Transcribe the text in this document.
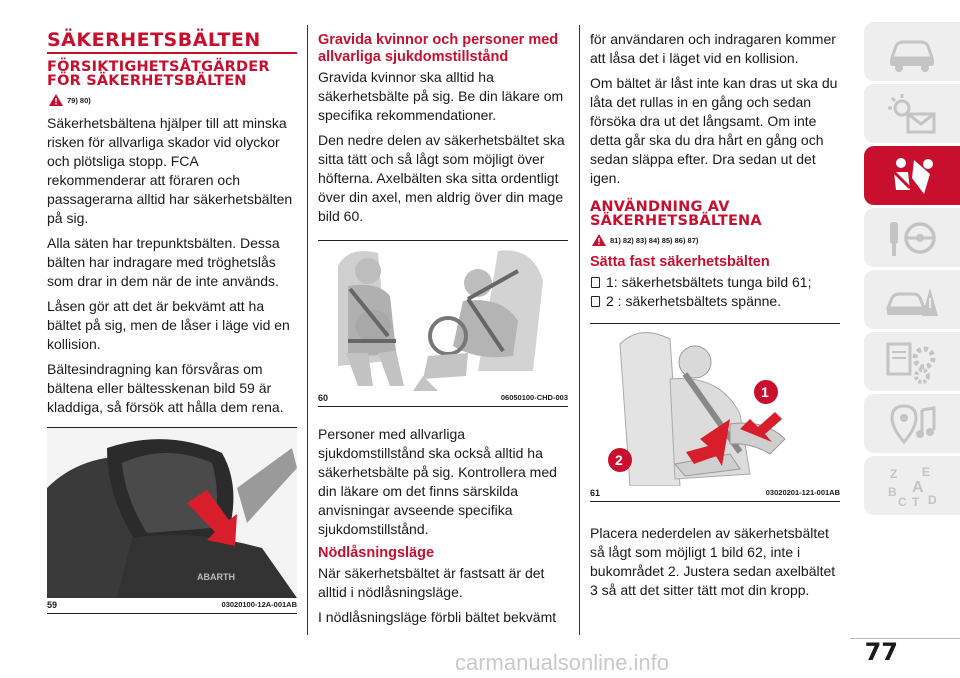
SÄKERHETSBÄLTEN
FÖRSIKTIGHETSÅTGÄRDER FÖR SÄKERHETSBÄLTEN
79) 80)

Säkerhetsbältena hjälper till att minska risken för allvarliga skador vid olyckor och plötsliga stopp. FCA rekommenderar att föraren och passagerarna alltid har säkerhetsbälten på sig.

Alla säten har trepunktsbälten. Dessa bälten har indragare med tröghetslås som drar in dem när de inte används.

Låsen gör att det är bekvämt att ha bältet på sig, men de låser i läge vid en kollision.

Bältesindragning kan försvåras om bältena eller bältesskenan bild 59 är kladdiga, så försök att hålla dem rena.

ABARTH
59	03020100-12A-001AB
Gravida kvinnor och personer med allvarliga sjukdomstillstånd

Gravida kvinnor ska alltid ha säkerhetsbälte på sig. Be din läkare om specifika rekommendationer.

Den nedre delen av säkerhetsbältet ska sitta tätt och så lågt som möjligt över höfterna. Axelbälten ska sitta ordentligt över din axel, men aldrig över din mage bild 60.

60	06050100-CHD-003

Personer med allvarliga sjukdomstillstånd ska också alltid ha säkerhetsbälte på sig. Kontrollera med din läkare om det finns särskilda anvisningar avseende specifika sjukdomstillstånd.

Nödlåsningsläge

När säkerhetsbältet är fastsatt är det alltid i nödlåsningsläge.

I nödlåsningsläge förbli bältet bekvämt

för användaren och indragaren kommer att låsa det i läget vid en kollision.

Om bältet är låst inte kan dras ut ska du låta det rullas in en gång och sedan försöka dra ut det långsamt. Om inte detta går ska du dra hårt en gång och sedan släppa efter. Dra sedan ut det igen.

ANVÄNDNING AV SÄKERHETSBÄLTENA
81) 82) 83) 84) 85) 86) 87)
Sätta fast säkerhetsbälten
1: säkerhetsbältets tunga bild 61;
2 : säkerhetsbältets spänne.
1
2
61	03020201-121-001AB

Placera nederdelen av säkerhetsbältet så lågt som möjligt 1 bild 62, inte i bukområdet 2. Justera sedan axelbältet 3 så att det sitter tätt mot din kropp.

Z E
A
B
C T D
77
carmanualsonline.info
